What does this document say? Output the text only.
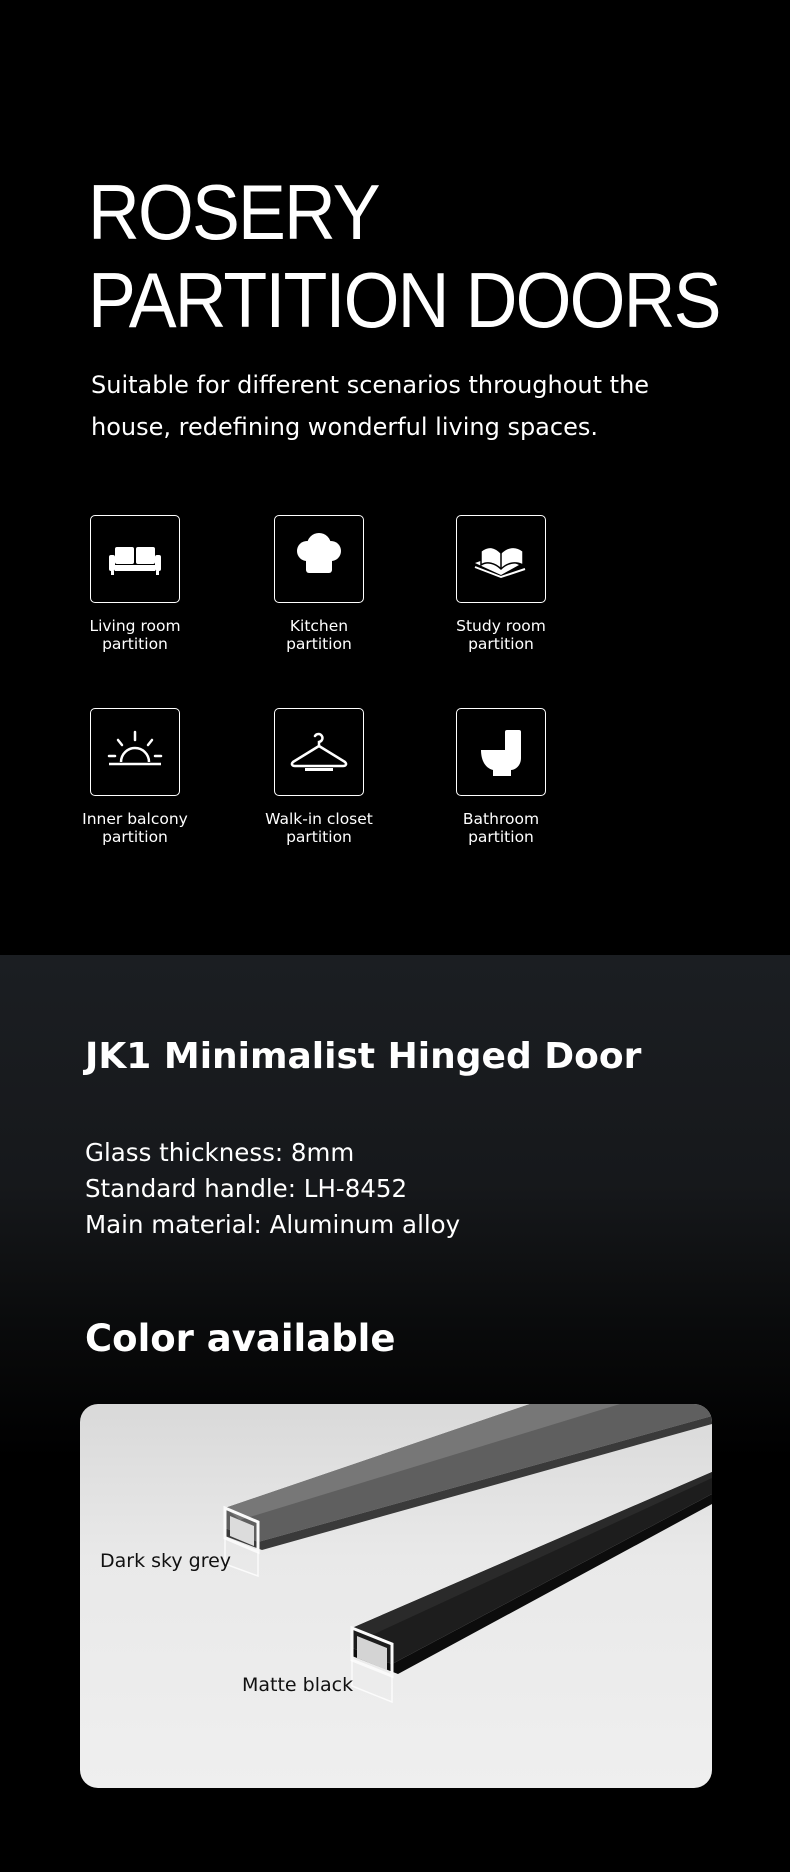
ROSERY
PARTITION DOORS

Suitable for different scenarios throughout the house, redefining wonderful living spaces.

Living room
partition
Kitchen
partition
Study room
partition
Inner balcony
partition
Walk-in closet
partition
Bathroom
partition
JK1 Minimalist Hinged Door
Glass thickness: 8mm
Standard handle: LH-8452
Main material: Aluminum alloy
Color available
Dark sky grey
Matte black
